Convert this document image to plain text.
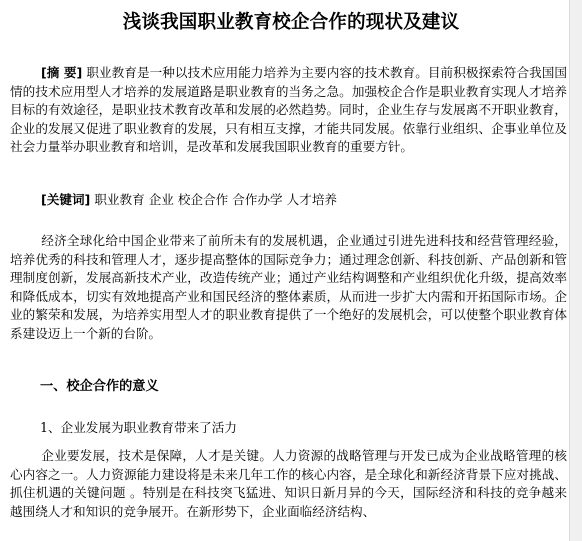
浅谈我国职业教育校企合作的现状及建议
[摘 要] 职业教育是一种以技术应用能力培养为主要内容的技术教育。目前积极探索符合我国国情的技术应用型人才培养的发展道路是职业教育的当务之急。加强校企合作是职业教育实现人才培养目标的有效途径，是职业技术教育改革和发展的必然趋势。同时，企业生存与发展离不开职业教育，企业的发展又促进了职业教育的发展，只有相互支撑，才能共同发展。依靠行业组织、企事业单位及社会力量举办职业教育和培训，是改革和发展我国职业教育的重要方针。
[关键词] 职业教育 企业 校企合作 合作办学 人才培养
经济全球化给中国企业带来了前所未有的发展机遇，企业通过引进先进科技和经营管理经验，培养优秀的科技和管理人才，逐步提高整体的国际竞争力；通过理念创新、科技创新、产品创新和管理制度创新，发展高新技术产业，改造传统产业；通过产业结构调整和产业组织优化升级，提高效率和降低成本，切实有效地提高产业和国民经济的整体素质，从而进一步扩大内需和开拓国际市场。企业的繁荣和发展，为培养实用型人才的职业教育提供了一个绝好的发展机会，可以使整个职业教育体系建设迈上一个新的台阶。
一、校企合作的意义
1、企业发展为职业教育带来了活力
企业要发展，技术是保障，人才是关键。人力资源的战略管理与开发已成为企业战略管理的核心内容之一。人力资源能力建设将是未来几年工作的核心内容，是全球化和新经济背景下应对挑战、抓住机遇的关键问题 。特别是在科技突飞猛进、知识日新月异的今天，国际经济和科技的竞争越来越围绕人才和知识的竞争展开。在新形势下，企业面临经济结构、
